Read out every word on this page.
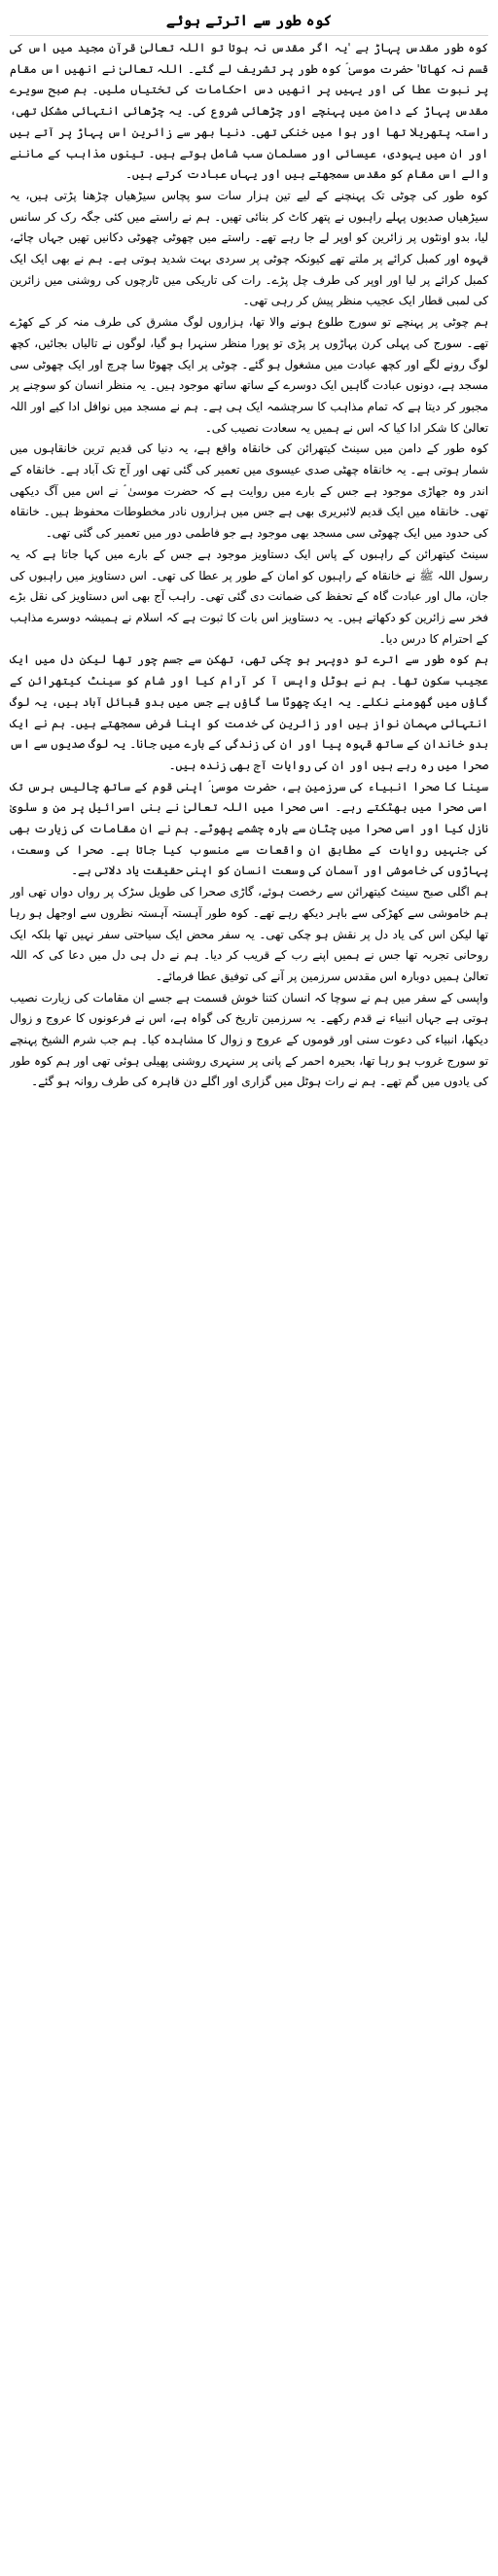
کوہ طور سے اترتے ہوئے

کوہ طور مقدس پہاڑ ہے 'یہ اگر مقدس نہ ہوتا تو اللہ تعالیٰ قرآن مجید میں اس کی قسم نہ کھاتا' حضرت موسیٰ ؑ کوہ طور پر تشریف لے گئے۔ اللہ تعالیٰ نے انھیں اس مقام پر نبوت عطا کی اور یہیں پر انھیں دس احکامات کی تختیاں ملیں۔ ہم صبح سویرے مقدس پہاڑ کے دامن میں پہنچے اور چڑھائی شروع کی۔ یہ چڑھائی انتہائی مشکل تھی، راستہ پتھریلا تھا اور ہوا میں خنکی تھی۔ دنیا بھر سے زائرین اس پہاڑ پر آتے ہیں اور ان میں یہودی، عیسائی اور مسلمان سب شامل ہوتے ہیں۔ تینوں مذاہب کے ماننے والے اس مقام کو مقدس سمجھتے ہیں اور یہاں عبادت کرتے ہیں۔

کوہ طور کی چوٹی تک پہنچنے کے لیے تین ہزار سات سو پچاس سیڑھیاں چڑھنا پڑتی ہیں، یہ سیڑھیاں صدیوں پہلے راہبوں نے پتھر کاٹ کر بنائی تھیں۔ ہم نے راستے میں کئی جگہ رک کر سانس لیا، بدو اونٹوں پر زائرین کو اوپر لے جا رہے تھے۔ راستے میں چھوٹی چھوٹی دکانیں تھیں جہاں چائے، قہوہ اور کمبل کرائے پر ملتے تھے کیونکہ چوٹی پر سردی بہت شدید ہوتی ہے۔ ہم نے بھی ایک ایک کمبل کرائے پر لیا اور اوپر کی طرف چل پڑے۔ رات کی تاریکی میں ٹارچوں کی روشنی میں زائرین کی لمبی قطار ایک عجیب منظر پیش کر رہی تھی۔

ہم چوٹی پر پہنچے تو سورج طلوع ہونے والا تھا، ہزاروں لوگ مشرق کی طرف منہ کر کے کھڑے تھے۔ سورج کی پہلی کرن پہاڑوں پر پڑی تو پورا منظر سنہرا ہو گیا، لوگوں نے تالیاں بجائیں، کچھ لوگ رونے لگے اور کچھ عبادت میں مشغول ہو گئے۔ چوٹی پر ایک چھوٹا سا چرچ اور ایک چھوٹی سی مسجد ہے، دونوں عبادت گاہیں ایک دوسرے کے ساتھ ساتھ موجود ہیں۔ یہ منظر انسان کو سوچنے پر مجبور کر دیتا ہے کہ تمام مذاہب کا سرچشمہ ایک ہی ہے۔ ہم نے مسجد میں نوافل ادا کیے اور اللہ تعالیٰ کا شکر ادا کیا کہ اس نے ہمیں یہ سعادت نصیب کی۔

کوہ طور کے دامن میں سینٹ کیتھرائن کی خانقاہ واقع ہے، یہ دنیا کی قدیم ترین خانقاہوں میں شمار ہوتی ہے۔ یہ خانقاہ چھٹی صدی عیسوی میں تعمیر کی گئی تھی اور آج تک آباد ہے۔ خانقاہ کے اندر وہ جھاڑی موجود ہے جس کے بارے میں روایت ہے کہ حضرت موسیٰ ؑ نے اس میں آگ دیکھی تھی۔ خانقاہ میں ایک قدیم لائبریری بھی ہے جس میں ہزاروں نادر مخطوطات محفوظ ہیں۔ خانقاہ کی حدود میں ایک چھوٹی سی مسجد بھی موجود ہے جو فاطمی دور میں تعمیر کی گئی تھی۔

سینٹ کیتھرائن کے راہبوں کے پاس ایک دستاویز موجود ہے جس کے بارے میں کہا جاتا ہے کہ یہ رسول اللہ ﷺ نے خانقاہ کے راہبوں کو امان کے طور پر عطا کی تھی۔ اس دستاویز میں راہبوں کی جان، مال اور عبادت گاہ کے تحفظ کی ضمانت دی گئی تھی۔ راہب آج بھی اس دستاویز کی نقل بڑے فخر سے زائرین کو دکھاتے ہیں۔ یہ دستاویز اس بات کا ثبوت ہے کہ اسلام نے ہمیشہ دوسرے مذاہب کے احترام کا درس دیا۔

ہم کوہ طور سے اترے تو دوپہر ہو چکی تھی، تھکن سے جسم چور تھا لیکن دل میں ایک عجیب سکون تھا۔ ہم نے ہوٹل واپس آ کر آرام کیا اور شام کو سینٹ کیتھرائن کے گاؤں میں گھومنے نکلے۔ یہ ایک چھوٹا سا گاؤں ہے جس میں بدو قبائل آباد ہیں، یہ لوگ انتہائی مہمان نواز ہیں اور زائرین کی خدمت کو اپنا فرض سمجھتے ہیں۔ ہم نے ایک بدو خاندان کے ساتھ قہوہ پیا اور ان کی زندگی کے بارے میں جانا۔ یہ لوگ صدیوں سے اس صحرا میں رہ رہے ہیں اور ان کی روایات آج بھی زندہ ہیں۔

سینا کا صحرا انبیاء کی سرزمین ہے، حضرت موسیٰ ؑ اپنی قوم کے ساتھ چالیس برس تک اسی صحرا میں بھٹکتے رہے۔ اسی صحرا میں اللہ تعالیٰ نے بنی اسرائیل پر من و سلویٰ نازل کیا اور اسی صحرا میں چٹان سے بارہ چشمے پھوٹے۔ ہم نے ان مقامات کی زیارت بھی کی جنہیں روایات کے مطابق ان واقعات سے منسوب کیا جاتا ہے۔ صحرا کی وسعت، پہاڑوں کی خاموشی اور آسمان کی وسعت انسان کو اپنی حقیقت یاد دلاتی ہے۔

ہم اگلی صبح سینٹ کیتھرائن سے رخصت ہوئے، گاڑی صحرا کی طویل سڑک پر رواں دواں تھی اور ہم خاموشی سے کھڑکی سے باہر دیکھ رہے تھے۔ کوہ طور آہستہ آہستہ نظروں سے اوجھل ہو رہا تھا لیکن اس کی یاد دل پر نقش ہو چکی تھی۔ یہ سفر محض ایک سیاحتی سفر نہیں تھا بلکہ ایک روحانی تجربہ تھا جس نے ہمیں اپنے رب کے قریب کر دیا۔ ہم نے دل ہی دل میں دعا کی کہ اللہ تعالیٰ ہمیں دوبارہ اس مقدس سرزمین پر آنے کی توفیق عطا فرمائے۔

واپسی کے سفر میں ہم نے سوچا کہ انسان کتنا خوش قسمت ہے جسے ان مقامات کی زیارت نصیب ہوتی ہے جہاں انبیاء نے قدم رکھے۔ یہ سرزمین تاریخ کی گواہ ہے، اس نے فرعونوں کا عروج و زوال دیکھا، انبیاء کی دعوت سنی اور قوموں کے عروج و زوال کا مشاہدہ کیا۔ ہم جب شرم الشیخ پہنچے تو سورج غروب ہو رہا تھا، بحیرہ احمر کے پانی پر سنہری روشنی پھیلی ہوئی تھی اور ہم کوہ طور کی یادوں میں گم تھے۔ ہم نے رات ہوٹل میں گزاری اور اگلے دن قاہرہ کی طرف روانہ ہو گئے۔
